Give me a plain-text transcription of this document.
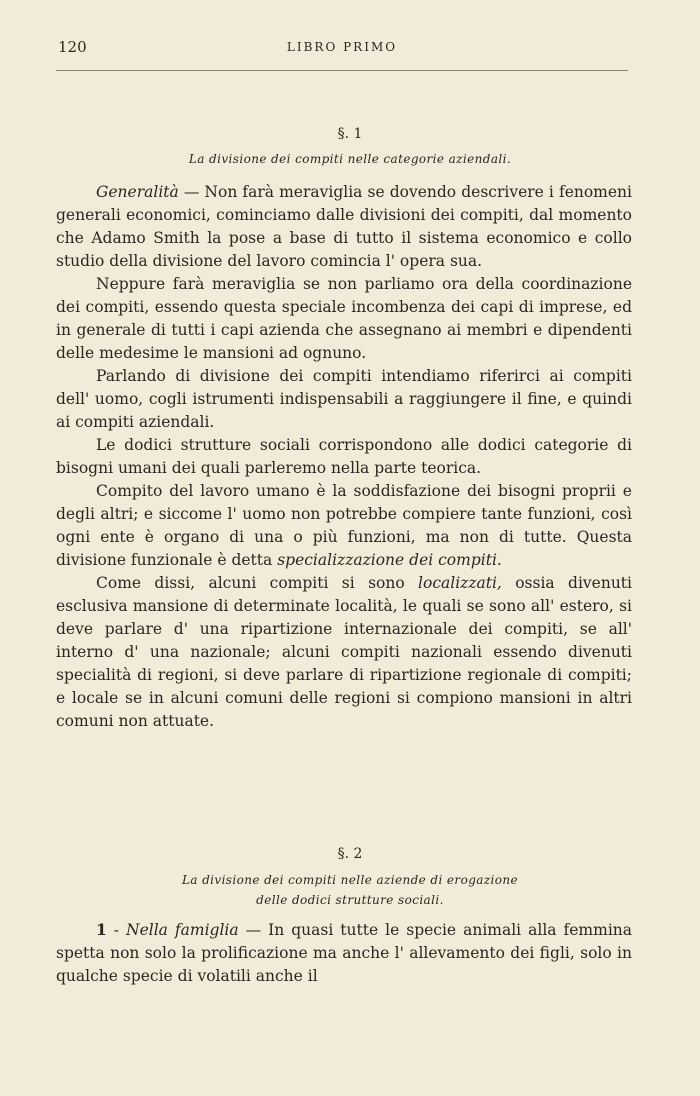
120	LIBRO PRIMO
§. 1
La divisione dei compiti nelle categorie aziendali.

Generalità — Non farà meraviglia se dovendo descrivere i fenomeni generali economici, cominciamo dalle divisioni dei compiti, dal momento che Adamo Smith la pose a base di tutto il sistema economico e collo studio della divisione del lavoro comincia l' opera sua.

Neppure farà meraviglia se non parliamo ora della coordinazione dei compiti, essendo questa speciale incombenza dei capi di imprese, ed in generale di tutti i capi azienda che assegnano ai membri e dipendenti delle medesime le mansioni ad ognuno.

Parlando di divisione dei compiti intendiamo riferirci ai compiti dell' uomo, cogli istrumenti indispensabili a raggiungere il fine, e quindi ai compiti aziendali.

Le dodici strutture sociali corrispondono alle dodici categorie di bisogni umani dei quali parleremo nella parte teorica.

Compito del lavoro umano è la soddisfazione dei bisogni proprii e degli altri; e siccome l' uomo non potrebbe compiere tante funzioni, così ogni ente è organo di una o più funzioni, ma non di tutte. Questa divisione funzionale è detta specializzazione dei compiti.

Come dissi, alcuni compiti si sono localizzati, ossia divenuti esclusiva mansione di determinate località, le quali se sono all' estero, si deve parlare d' una ripartizione internazionale dei compiti, se all' interno d' una nazionale; alcuni compiti nazionali essendo divenuti specialità di regioni, si deve parlare di ripartizione regionale di compiti; e locale se in alcuni comuni delle regioni si compiono mansioni in altri comuni non attuate.

§. 2
La divisione dei compiti nelle aziende di erogazione
delle dodici strutture sociali.

1 - Nella famiglia — In quasi tutte le specie animali alla femmina spetta non solo la prolificazione ma anche l' allevamento dei figli, solo in qualche specie di volatili anche il
